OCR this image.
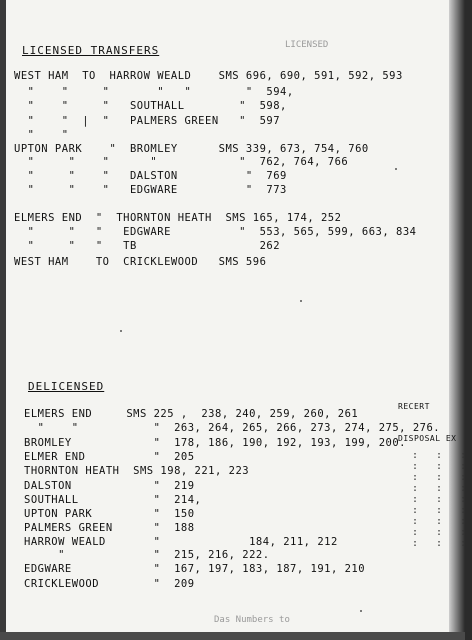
LICENSED
LICENSED TRANSFERS
WEST HAM  TO  HARROW WEALD    SMS 696, 690, 591, 592, 593
"    "     "       "   "        "  594,
"    "     "   SOUTHALL        "  598,
"    "  |  "   PALMERS GREEN   "  597
"    "
UPTON PARK    "  BROMLEY      SMS 339, 673, 754, 760
"     "    "      "            "  762, 764, 766
"     "    "   DALSTON          "  769
"     "    "   EDGWARE          "  773
ELMERS END  "  THORNTON HEATH  SMS 165, 174, 252
"     "   "   EDGWARE          "  553, 565, 599, 663, 834
"     "   "   TB                  262
WEST HAM    TO  CRICKLEWOOD   SMS 596
DELICENSED
RECERT
DISPOSAL EX
ELMERS END     SMS 225 ,  238, 240, 259, 260, 261
"    "           "  263, 264, 265, 266, 273, 274, 275, 276.
BROMLEY            "  178, 186, 190, 192, 193, 199, 200.
ELMER END          "  205
THORNTON HEATH  SMS 198, 221, 223
DALSTON            "  219
SOUTHALL           "  214,
UPTON PARK         "  150
PALMERS GREEN      "  188
HARROW WEALD       "             184, 211, 212
"             "  215, 216, 222.
EDGWARE            "  167, 197, 183, 187, 191, 210
CRICKLEWOOD        "  209
: : :
: : :
: : :
: : :
: : :
: : :
: : :
: : :
: : :
Das Numbers to
